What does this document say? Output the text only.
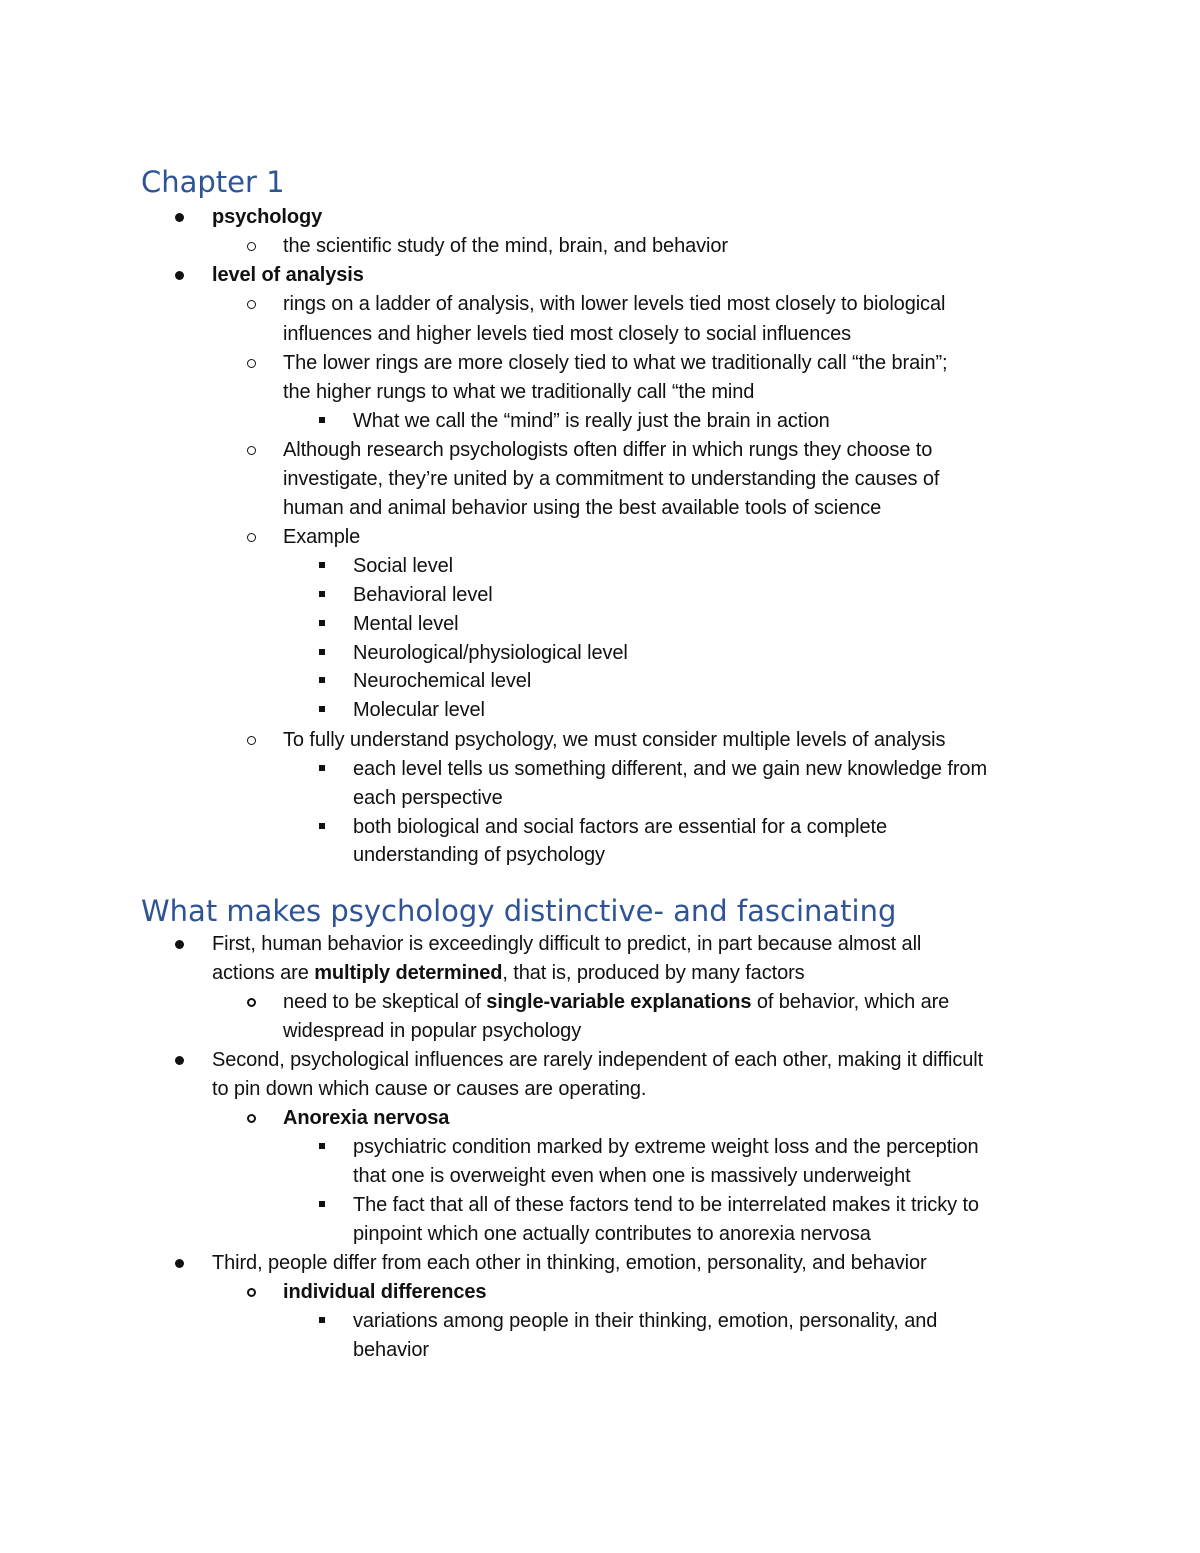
Chapter 1
psychology
the scientific study of the mind, brain, and behavior
level of analysis
rings on a ladder of analysis, with lower levels tied most closely to biological
influences and higher levels tied most closely to social influences
The lower rings are more closely tied to what we traditionally call “the brain”;
the higher rungs to what we traditionally call “the mind
What we call the “mind” is really just the brain in action
Although research psychologists often differ in which rungs they choose to
investigate, they’re united by a commitment to understanding the causes of
human and animal behavior using the best available tools of science
Example
Social level
Behavioral level
Mental level
Neurological/physiological level
Neurochemical level
Molecular level
To fully understand psychology, we must consider multiple levels of analysis
each level tells us something different, and we gain new knowledge from
each perspective
both biological and social factors are essential for a complete
understanding of psychology
What makes psychology distinctive- and fascinating
First, human behavior is exceedingly difficult to predict, in part because almost all
actions are multiply determined, that is, produced by many factors
need to be skeptical of single-variable explanations of behavior, which are
widespread in popular psychology
Second, psychological influences are rarely independent of each other, making it difficult
to pin down which cause or causes are operating.
Anorexia nervosa
psychiatric condition marked by extreme weight loss and the perception
that one is overweight even when one is massively underweight
The fact that all of these factors tend to be interrelated makes it tricky to
pinpoint which one actually contributes to anorexia nervosa
Third, people differ from each other in thinking, emotion, personality, and behavior
individual differences
variations among people in their thinking, emotion, personality, and
behavior
